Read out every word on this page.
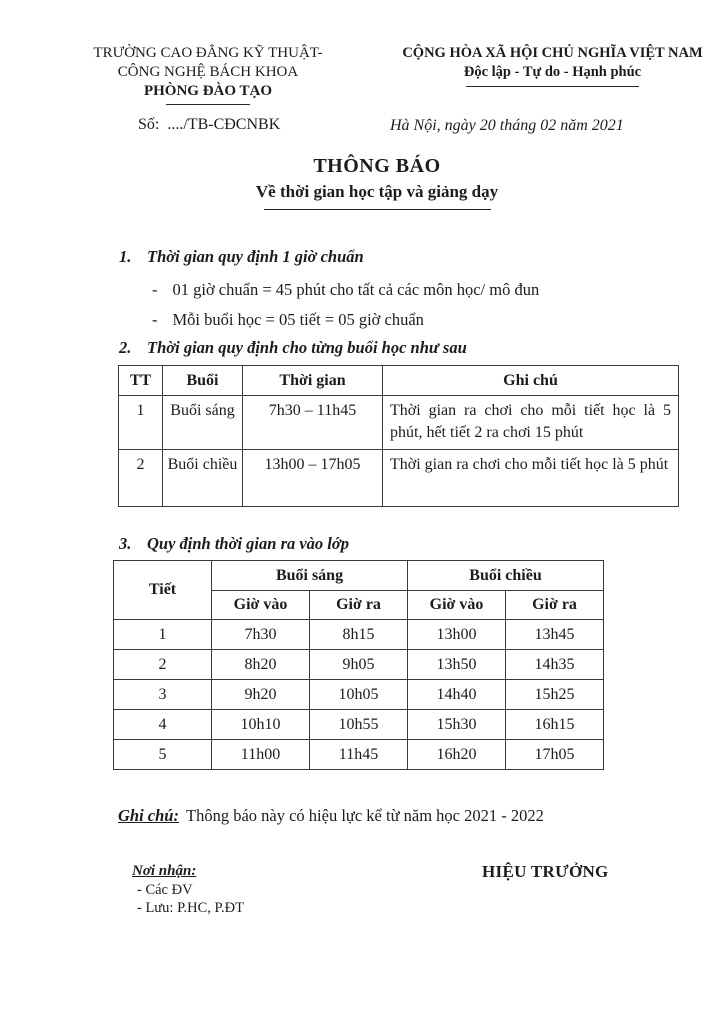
TRƯỜNG CAO ĐẲNG KỸ THUẬT-
CÔNG NGHỆ BÁCH KHOA
PHÒNG ĐÀO TẠO
CỘNG HÒA XÃ HỘI CHỦ NGHĨA VIỆT NAM
Độc lập - Tự do - Hạnh phúc
Số:  ..../TB-CĐCNBK	Hà Nội, ngày 20 tháng 02 năm 2021
THÔNG BÁO
Về thời gian học tập và giảng dạy
1. Thời gian quy định 1 giờ chuẩn
- 01 giờ chuẩn = 45 phút cho tất cả các môn học/ mô đun
- Mỗi buổi học = 05 tiết = 05 giờ chuẩn
2. Thời gian quy định cho từng buổi học như sau
TT	Buổi	Thời gian	Ghi chú
1	Buổi sáng	7h30 – 11h45	Thời gian ra chơi cho mỗi tiết học là 5 phút, hết tiết 2 ra chơi 15 phút
2	Buổi chiều	13h00 – 17h05	Thời gian ra chơi cho mỗi tiết học là 5 phút
3. Quy định thời gian ra vào lớp
Tiết	Buổi sáng		Buổi chiều	
	Giờ vào	Giờ ra	Giờ vào	Giờ ra
1	7h30	8h15	13h00	13h45
2	8h20	9h05	13h50	14h35
3	9h20	10h05	14h40	15h25
4	10h10	10h55	15h30	16h15
5	11h00	11h45	16h20	17h05
Ghi chú: Thông báo này có hiệu lực kể từ năm học 2021 - 2022
Nơi nhận:
- Các ĐV
- Lưu: P.HC, P.ĐT
HIỆU TRƯỞNG
